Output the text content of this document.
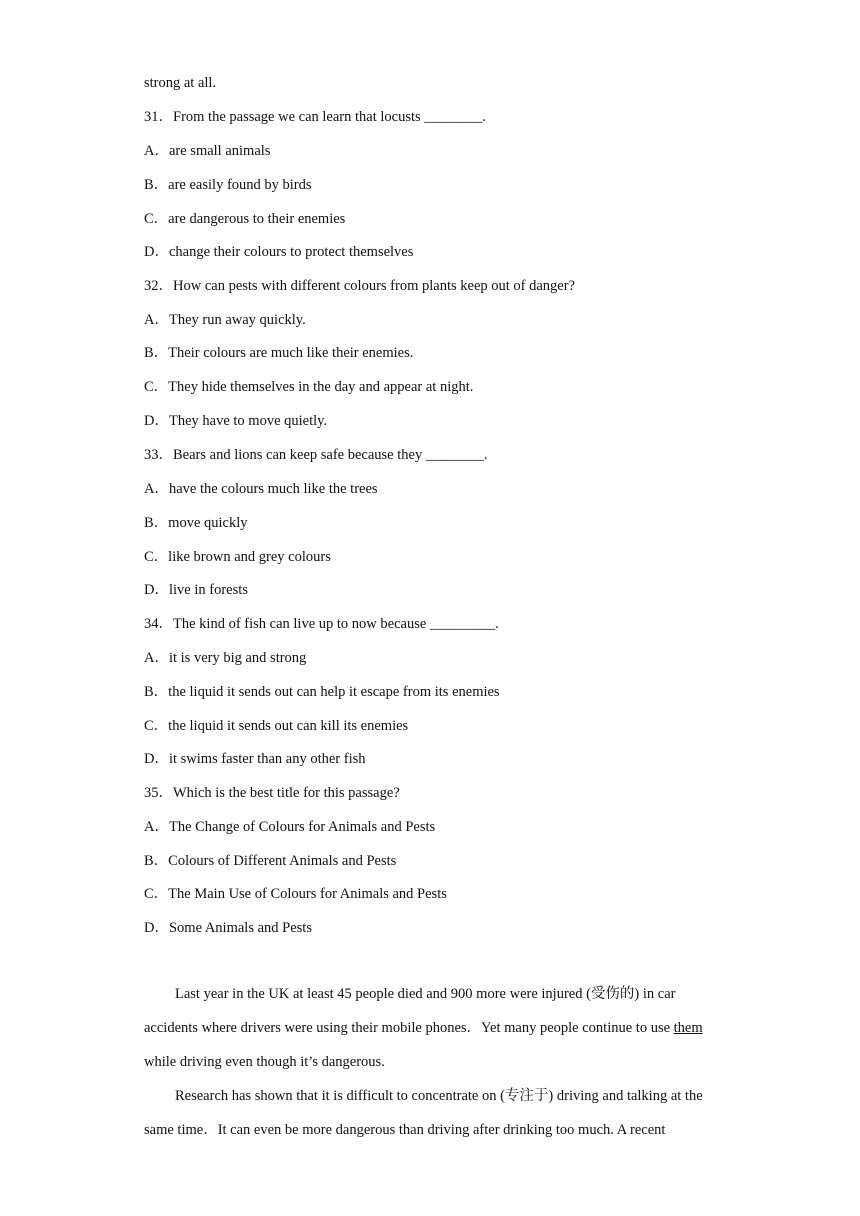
strong at all.

31．From the passage we can learn that locusts ________.

A．are small animals

B．are easily found by birds

C．are dangerous to their enemies

D．change their colours to protect themselves

32．How can pests with different colours from plants keep out of danger?

A．They run away quickly.

B．Their colours are much like their enemies.

C．They hide themselves in the day and appear at night.

D．They have to move quietly.

33．Bears and lions can keep safe because they ________.

A．have the colours much like the trees

B．move quickly

C．like brown and grey colours

D．live in forests

34．The kind of fish can live up to now because _________.

A．it is very big and strong

B．the liquid it sends out can help it escape from its enemies

C．the liquid it sends out can kill its enemies

D．it swims faster than any other fish

35．Which is the best title for this passage?

A．The Change of Colours for Animals and Pests

B．Colours of Different Animals and Pests

C．The Main Use of Colours for Animals and Pests

D．Some Animals and Pests

Last year in the UK at least 45 people died and 900 more were injured (受伤的) in car accidents where drivers were using their mobile phones．Yet many people continue to use them while driving even though it’s dangerous.

Research has shown that it is difficult to concentrate on (专注于) driving and talking at the same time．It can even be more dangerous than driving after drinking too much. A recent
